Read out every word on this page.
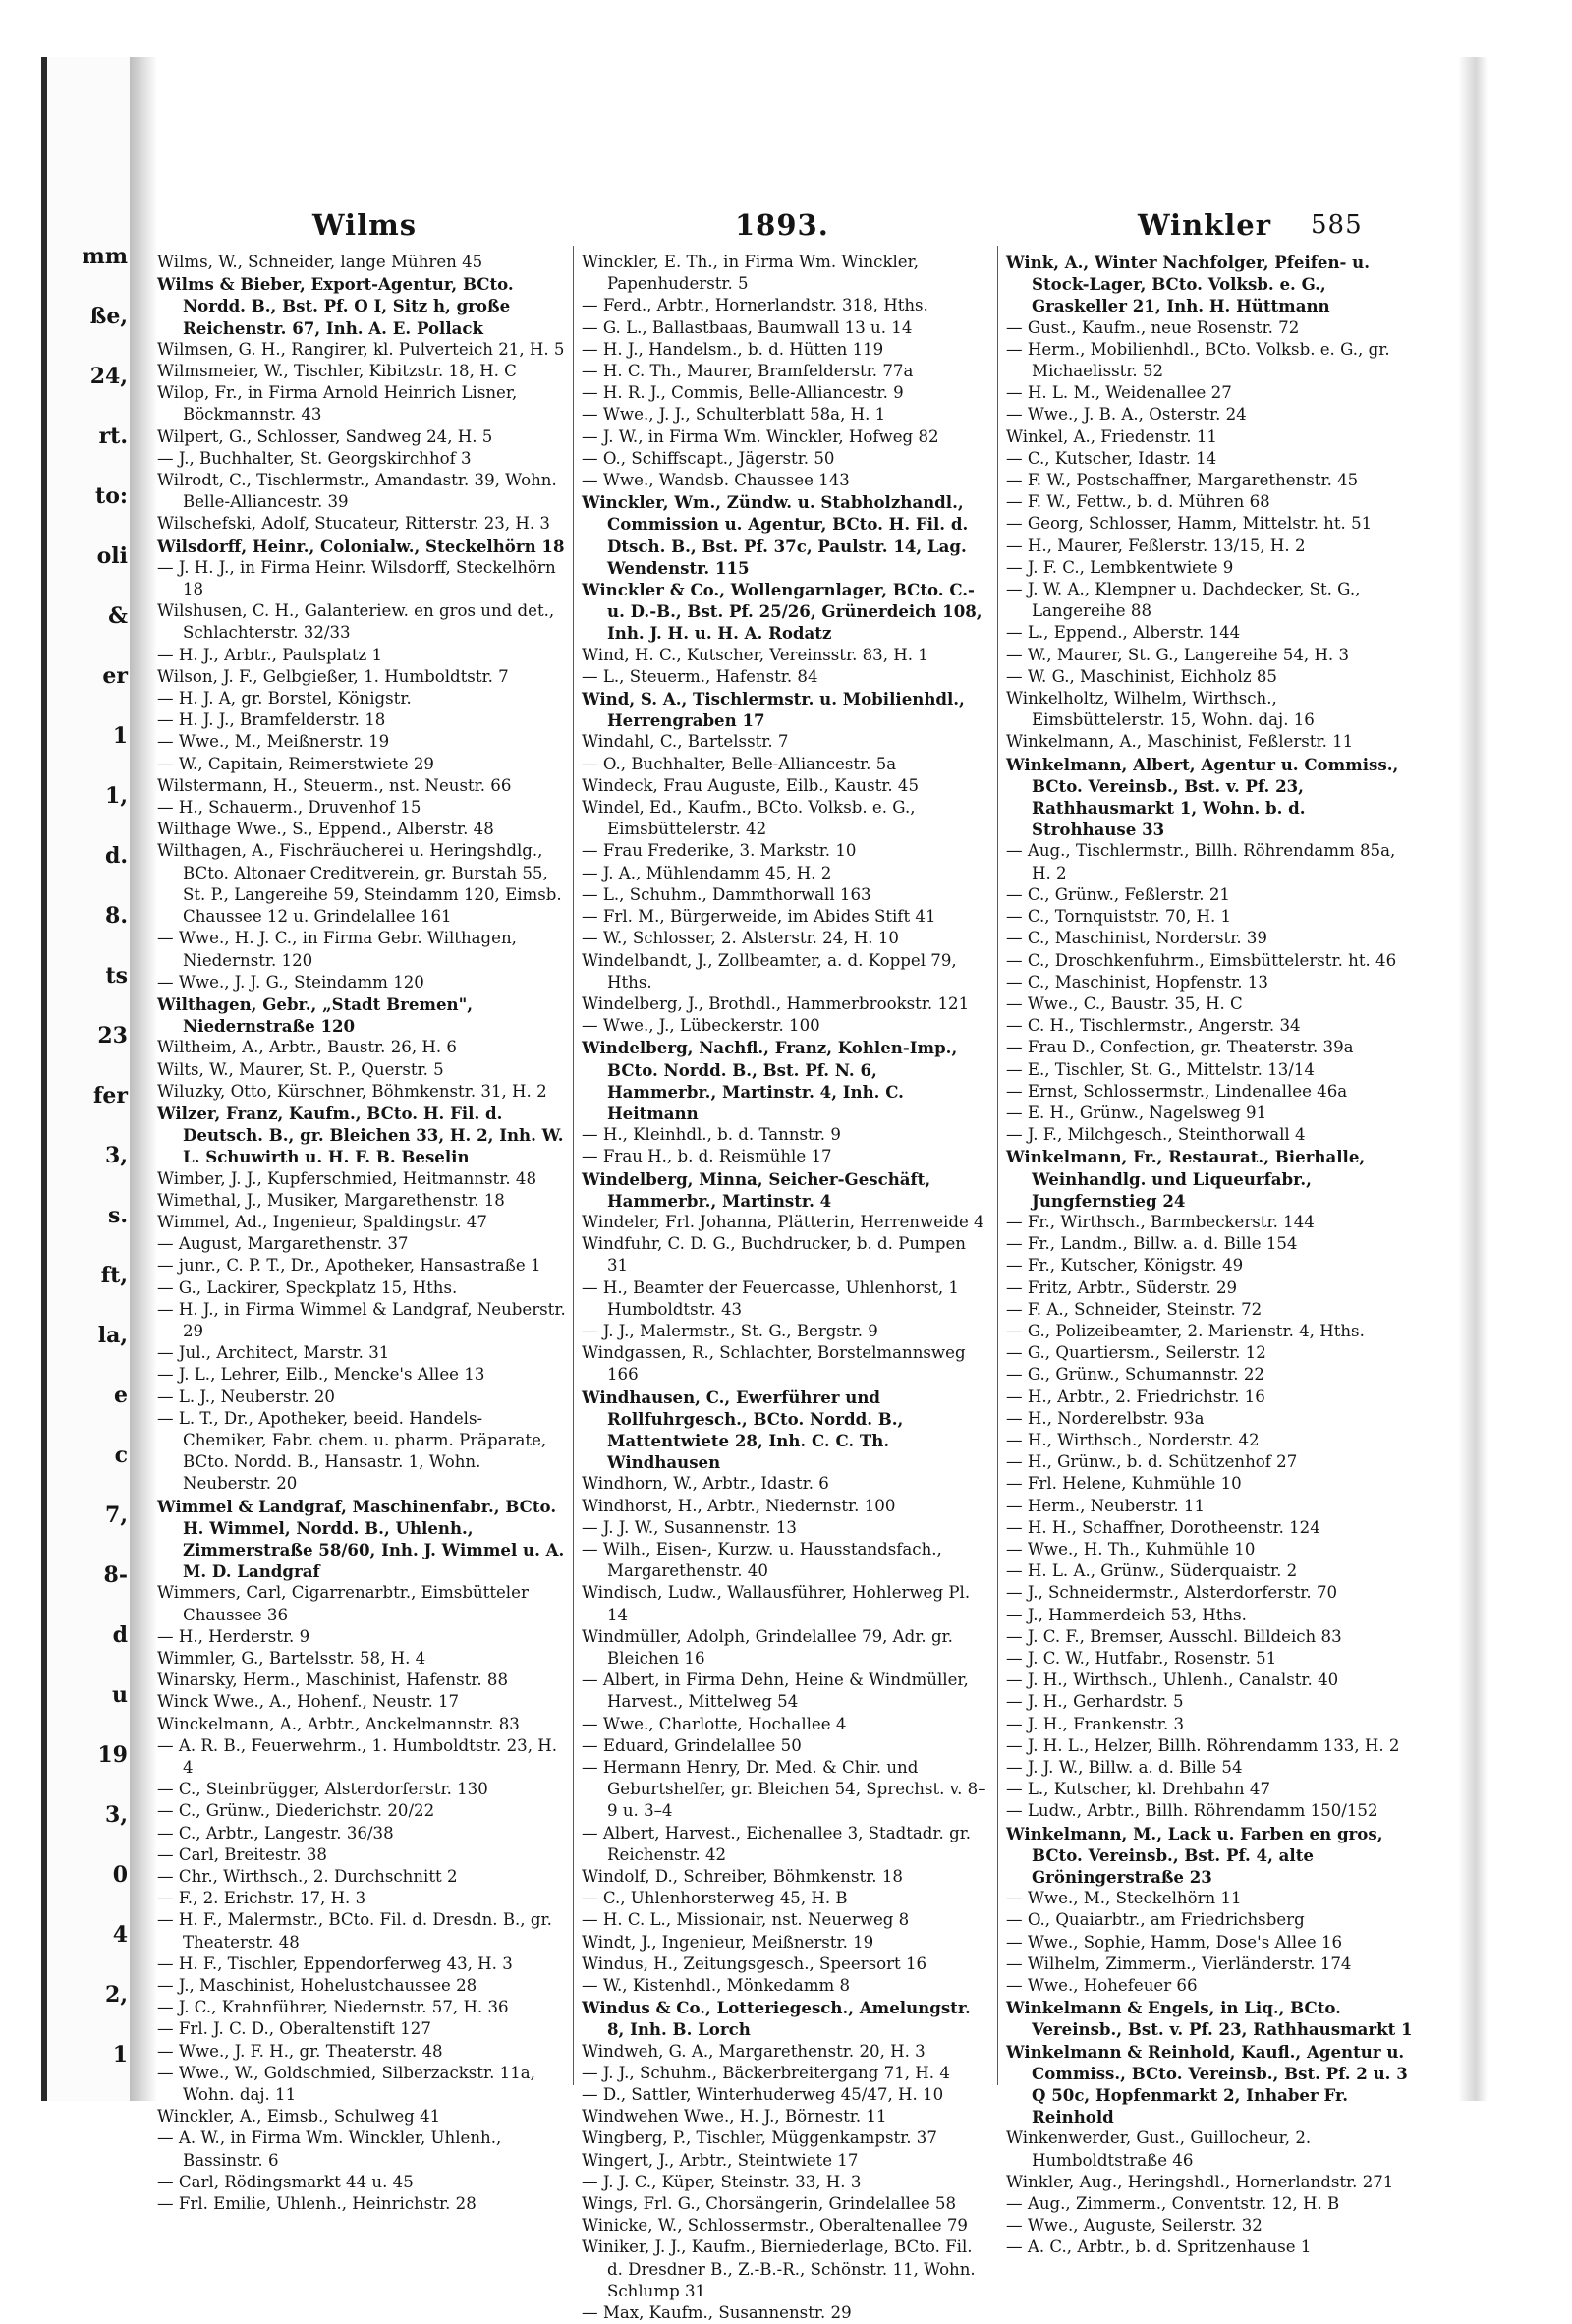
mm
ße,
24,
rt.
to:
oli
&
er
1
1,
d.
8.
ts
23
fer
3,
s.
ft,
la,
e
c
7,
8-
d
u
19
3,
0
4
2,
1
Wilms	1893.	Winkler 585
Wilms, W., Schneider, lange Mühren 45
Wilms & Bieber, Export-Agentur, BCto. Nordd. B., Bst. Pf. O I, Sitz h, große Reichenstr. 67, Inh. A. E. Pollack
Wilmsen, G. H., Rangirer, kl. Pulverteich 21, H. 5
Wilmsmeier, W., Tischler, Kibitzstr. 18, H. C
Wilop, Fr., in Firma Arnold Heinrich Lisner, Böckmannstr. 43
Wilpert, G., Schlosser, Sandweg 24, H. 5
— J., Buchhalter, St. Georgskirchhof 3
Wilrodt, C., Tischlermstr., Amandastr. 39, Wohn. Belle-Alliancestr. 39
Wilschefski, Adolf, Stucateur, Ritterstr. 23, H. 3
Wilsdorff, Heinr., Colonialw., Steckelhörn 18
— J. H. J., in Firma Heinr. Wilsdorff, Steckelhörn 18
Wilshusen, C. H., Galanteriew. en gros und det., Schlachterstr. 32/33
— H. J., Arbtr., Paulsplatz 1
Wilson, J. F., Gelbgießer, 1. Humboldtstr. 7
— H. J. A, gr. Borstel, Königstr.
— H. J. J., Bramfelderstr. 18
— Wwe., M., Meißnerstr. 19
— W., Capitain, Reimerstwiete 29
Wilstermann, H., Steuerm., nst. Neustr. 66
— H., Schauerm., Druvenhof 15
Wilthage Wwe., S., Eppend., Alberstr. 48
Wilthagen, A., Fischräucherei u. Heringshdlg., BCto. Altonaer Creditverein, gr. Burstah 55, St. P., Langereihe 59, Steindamm 120, Eimsb. Chaussee 12 u. Grindelallee 161
— Wwe., H. J. C., in Firma Gebr. Wilthagen, Niedernstr. 120
— Wwe., J. J. G., Steindamm 120
Wilthagen, Gebr., „Stadt Bremen", Niedernstraße 120
Wiltheim, A., Arbtr., Baustr. 26, H. 6
Wilts, W., Maurer, St. P., Querstr. 5
Wiluzky, Otto, Kürschner, Böhmkenstr. 31, H. 2
Wilzer, Franz, Kaufm., BCto. H. Fil. d. Deutsch. B., gr. Bleichen 33, H. 2, Inh. W. L. Schuwirth u. H. F. B. Beselin
Wimber, J. J., Kupferschmied, Heitmannstr. 48
Wimethal, J., Musiker, Margarethenstr. 18
Wimmel, Ad., Ingenieur, Spaldingstr. 47
— August, Margarethenstr. 37
— junr., C. P. T., Dr., Apotheker, Hansastraße 1
— G., Lackirer, Speckplatz 15, Hths.
— H. J., in Firma Wimmel & Landgraf, Neuberstr. 29
— Jul., Architect, Marstr. 31
— J. L., Lehrer, Eilb., Mencke's Allee 13
— L. J., Neuberstr. 20
— L. T., Dr., Apotheker, beeid. Handels-Chemiker, Fabr. chem. u. pharm. Präparate, BCto. Nordd. B., Hansastr. 1, Wohn. Neuberstr. 20
Wimmel & Landgraf, Maschinenfabr., BCto. H. Wimmel, Nordd. B., Uhlenh., Zimmerstraße 58/60, Inh. J. Wimmel u. A. M. D. Landgraf
Wimmers, Carl, Cigarrenarbtr., Eimsbütteler Chaussee 36
— H., Herderstr. 9
Wimmler, G., Bartelsstr. 58, H. 4
Winarsky, Herm., Maschinist, Hafenstr. 88
Winck Wwe., A., Hohenf., Neustr. 17
Winckelmann, A., Arbtr., Anckelmannstr. 83
— A. R. B., Feuerwehrm., 1. Humboldtstr. 23, H. 4
— C., Steinbrügger, Alsterdorferstr. 130
— C., Grünw., Diederichstr. 20/22
— C., Arbtr., Langestr. 36/38
— Carl, Breitestr. 38
— Chr., Wirthsch., 2. Durchschnitt 2
— F., 2. Erichstr. 17, H. 3
— H. F., Malermstr., BCto. Fil. d. Dresdn. B., gr. Theaterstr. 48
— H. F., Tischler, Eppendorferweg 43, H. 3
— J., Maschinist, Hohelustchaussee 28
— J. C., Krahnführer, Niedernstr. 57, H. 36
— Frl. J. C. D., Oberaltenstift 127
— Wwe., J. F. H., gr. Theaterstr. 48
— Wwe., W., Goldschmied, Silberzackstr. 11a, Wohn. daj. 11
Winckler, A., Eimsb., Schulweg 41
— A. W., in Firma Wm. Winckler, Uhlenh., Bassinstr. 6
— Carl, Rödingsmarkt 44 u. 45
— Frl. Emilie, Uhlenh., Heinrichstr. 28
Winckler, E. Th., in Firma Wm. Winckler, Papenhuderstr. 5
— Ferd., Arbtr., Hornerlandstr. 318, Hths.
— G. L., Ballastbaas, Baumwall 13 u. 14
— H. J., Handelsm., b. d. Hütten 119
— H. C. Th., Maurer, Bramfelderstr. 77a
— H. R. J., Commis, Belle-Alliancestr. 9
— Wwe., J. J., Schulterblatt 58a, H. 1
— J. W., in Firma Wm. Winckler, Hofweg 82
— O., Schiffscapt., Jägerstr. 50
— Wwe., Wandsb. Chaussee 143
Winckler, Wm., Zündw. u. Stabholzhandl., Commission u. Agentur, BCto. H. Fil. d. Dtsch. B., Bst. Pf. 37c, Paulstr. 14, Lag. Wendenstr. 115
Winckler & Co., Wollengarnlager, BCto. C.- u. D.-B., Bst. Pf. 25/26, Grünerdeich 108, Inh. J. H. u. H. A. Rodatz
Wind, H. C., Kutscher, Vereinsstr. 83, H. 1
— L., Steuerm., Hafenstr. 84
Wind, S. A., Tischlermstr. u. Mobilienhdl., Herrengraben 17
Windahl, C., Bartelsstr. 7
— O., Buchhalter, Belle-Alliancestr. 5a
Windeck, Frau Auguste, Eilb., Kaustr. 45
Windel, Ed., Kaufm., BCto. Volksb. e. G., Eimsbüttelerstr. 42
— Frau Frederike, 3. Markstr. 10
— J. A., Mühlendamm 45, H. 2
— L., Schuhm., Dammthorwall 163
— Frl. M., Bürgerweide, im Abides Stift 41
— W., Schlosser, 2. Alsterstr. 24, H. 10
Windelbandt, J., Zollbeamter, a. d. Koppel 79, Hths.
Windelberg, J., Brothdl., Hammerbrookstr. 121
— Wwe., J., Lübeckerstr. 100
Windelberg, Nachfl., Franz, Kohlen-Imp., BCto. Nordd. B., Bst. Pf. N. 6, Hammerbr., Martinstr. 4, Inh. C. Heitmann
— H., Kleinhdl., b. d. Tannstr. 9
— Frau H., b. d. Reismühle 17
Windelberg, Minna, Seicher-Geschäft, Hammerbr., Martinstr. 4
Windeler, Frl. Johanna, Plätterin, Herrenweide 4
Windfuhr, C. D. G., Buchdrucker, b. d. Pumpen 31
— H., Beamter der Feuercasse, Uhlenhorst, 1 Humboldtstr. 43
— J. J., Malermstr., St. G., Bergstr. 9
Windgassen, R., Schlachter, Borstelmannsweg 166
Windhausen, C., Ewerführer und Rollfuhrgesch., BCto. Nordd. B., Mattentwiete 28, Inh. C. C. Th. Windhausen
Windhorn, W., Arbtr., Idastr. 6
Windhorst, H., Arbtr., Niedernstr. 100
— J. J. W., Susannenstr. 13
— Wilh., Eisen-, Kurzw. u. Hausstandsfach., Margarethenstr. 40
Windisch, Ludw., Wallausführer, Hohlerweg Pl. 14
Windmüller, Adolph, Grindelallee 79, Adr. gr. Bleichen 16
— Albert, in Firma Dehn, Heine & Windmüller, Harvest., Mittelweg 54
— Wwe., Charlotte, Hochallee 4
— Eduard, Grindelallee 50
— Hermann Henry, Dr. Med. & Chir. und Geburtshelfer, gr. Bleichen 54, Sprechst. v. 8–9 u. 3–4
— Albert, Harvest., Eichenallee 3, Stadtadr. gr. Reichenstr. 42
Windolf, D., Schreiber, Böhmkenstr. 18
— C., Uhlenhorsterweg 45, H. B
— H. C. L., Missionair, nst. Neuerweg 8
Windt, J., Ingenieur, Meißnerstr. 19
Windus, H., Zeitungsgesch., Speersort 16
— W., Kistenhdl., Mönkedamm 8
Windus & Co., Lotteriegesch., Amelungstr. 8, Inh. B. Lorch
Windweh, G. A., Margarethenstr. 20, H. 3
— J. J., Schuhm., Bäckerbreitergang 71, H. 4
— D., Sattler, Winterhuderweg 45/47, H. 10
Windwehen Wwe., H. J., Börnestr. 11
Wingberg, P., Tischler, Müggenkampstr. 37
Wingert, J., Arbtr., Steintwiete 17
— J. J. C., Küper, Steinstr. 33, H. 3
Wings, Frl. G., Chorsängerin, Grindelallee 58
Winicke, W., Schlossermstr., Oberaltenallee 79
Winiker, J. J., Kaufm., Bierniederlage, BCto. Fil. d. Dresdner B., Z.-B.-R., Schönstr. 11, Wohn. Schlump 31
— Max, Kaufm., Susannenstr. 29
Wink, A., Winter Nachfolger, Pfeifen- u. Stock-Lager, BCto. Volksb. e. G., Graskeller 21, Inh. H. Hüttmann
— Gust., Kaufm., neue Rosenstr. 72
— Herm., Mobilienhdl., BCto. Volksb. e. G., gr. Michaelisstr. 52
— H. L. M., Weidenallee 27
— Wwe., J. B. A., Osterstr. 24
Winkel, A., Friedenstr. 11
— C., Kutscher, Idastr. 14
— F. W., Postschaffner, Margarethenstr. 45
— F. W., Fettw., b. d. Mühren 68
— Georg, Schlosser, Hamm, Mittelstr. ht. 51
— H., Maurer, Feßlerstr. 13/15, H. 2
— J. F. C., Lembkentwiete 9
— J. W. A., Klempner u. Dachdecker, St. G., Langereihe 88
— L., Eppend., Alberstr. 144
— W., Maurer, St. G., Langereihe 54, H. 3
— W. G., Maschinist, Eichholz 85
Winkelholtz, Wilhelm, Wirthsch., Eimsbüttelerstr. 15, Wohn. daj. 16
Winkelmann, A., Maschinist, Feßlerstr. 11
Winkelmann, Albert, Agentur u. Commiss., BCto. Vereinsb., Bst. v. Pf. 23, Rathhausmarkt 1, Wohn. b. d. Strohhause 33
— Aug., Tischlermstr., Billh. Röhrendamm 85a, H. 2
— C., Grünw., Feßlerstr. 21
— C., Tornquiststr. 70, H. 1
— C., Maschinist, Norderstr. 39
— C., Droschkenfuhrm., Eimsbüttelerstr. ht. 46
— C., Maschinist, Hopfenstr. 13
— Wwe., C., Baustr. 35, H. C
— C. H., Tischlermstr., Angerstr. 34
— Frau D., Confection, gr. Theaterstr. 39a
— E., Tischler, St. G., Mittelstr. 13/14
— Ernst, Schlossermstr., Lindenallee 46a
— E. H., Grünw., Nagelsweg 91
— J. F., Milchgesch., Steinthorwall 4
Winkelmann, Fr., Restaurat., Bierhalle, Weinhandlg. und Liqueurfabr., Jungfernstieg 24
— Fr., Wirthsch., Barmbeckerstr. 144
— Fr., Landm., Billw. a. d. Bille 154
— Fr., Kutscher, Königstr. 49
— Fritz, Arbtr., Süderstr. 29
— F. A., Schneider, Steinstr. 72
— G., Polizeibeamter, 2. Marienstr. 4, Hths.
— G., Quartiersm., Seilerstr. 12
— G., Grünw., Schumannstr. 22
— H., Arbtr., 2. Friedrichstr. 16
— H., Norderelbstr. 93a
— H., Wirthsch., Norderstr. 42
— H., Grünw., b. d. Schützenhof 27
— Frl. Helene, Kuhmühle 10
— Herm., Neuberstr. 11
— H. H., Schaffner, Dorotheenstr. 124
— Wwe., H. Th., Kuhmühle 10
— H. L. A., Grünw., Süderquaistr. 2
— J., Schneidermstr., Alsterdorferstr. 70
— J., Hammerdeich 53, Hths.
— J. C. F., Bremser, Ausschl. Billdeich 83
— J. C. W., Hutfabr., Rosenstr. 51
— J. H., Wirthsch., Uhlenh., Canalstr. 40
— J. H., Gerhardstr. 5
— J. H., Frankenstr. 3
— J. H. L., Helzer, Billh. Röhrendamm 133, H. 2
— J. J. W., Billw. a. d. Bille 54
— L., Kutscher, kl. Drehbahn 47
— Ludw., Arbtr., Billh. Röhrendamm 150/152
Winkelmann, M., Lack u. Farben en gros, BCto. Vereinsb., Bst. Pf. 4, alte Gröningerstraße 23
— Wwe., M., Steckelhörn 11
— O., Quaiarbtr., am Friedrichsberg
— Wwe., Sophie, Hamm, Dose's Allee 16
— Wilhelm, Zimmerm., Vierländerstr. 174
— Wwe., Hohefeuer 66
Winkelmann & Engels, in Liq., BCto. Vereinsb., Bst. v. Pf. 23, Rathhausmarkt 1
Winkelmann & Reinhold, Kaufl., Agentur u. Commiss., BCto. Vereinsb., Bst. Pf. 2 u. 3 Q 50c, Hopfenmarkt 2, Inhaber Fr. Reinhold
Winkenwerder, Gust., Guillocheur, 2. Humboldtstraße 46
Winkler, Aug., Heringshdl., Hornerlandstr. 271
— Aug., Zimmerm., Conventstr. 12, H. B
— Wwe., Auguste, Seilerstr. 32
— A. C., Arbtr., b. d. Spritzenhause 1
